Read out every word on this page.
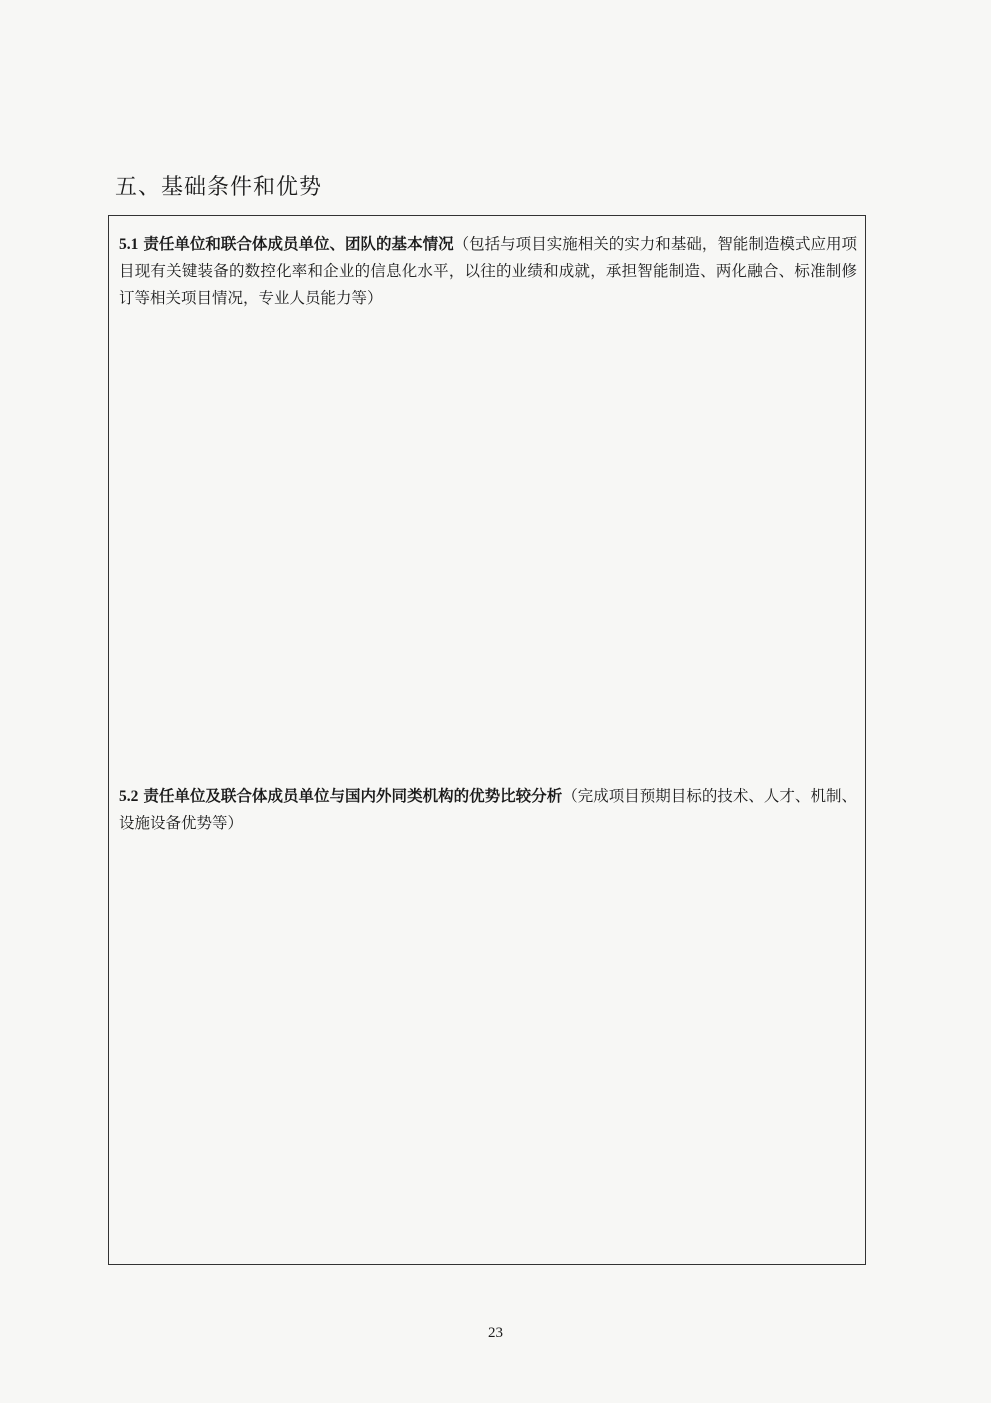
五、基础条件和优势
5.1 责任单位和联合体成员单位、团队的基本情况（包括与项目实施相关的实力和基础，智能制造模式应用项目现有关键装备的数控化率和企业的信息化水平，以往的业绩和成就，承担智能制造、两化融合、标准制修订等相关项目情况，专业人员能力等）
5.2 责任单位及联合体成员单位与国内外同类机构的优势比较分析（完成项目预期目标的技术、人才、机制、设施设备优势等）
23
